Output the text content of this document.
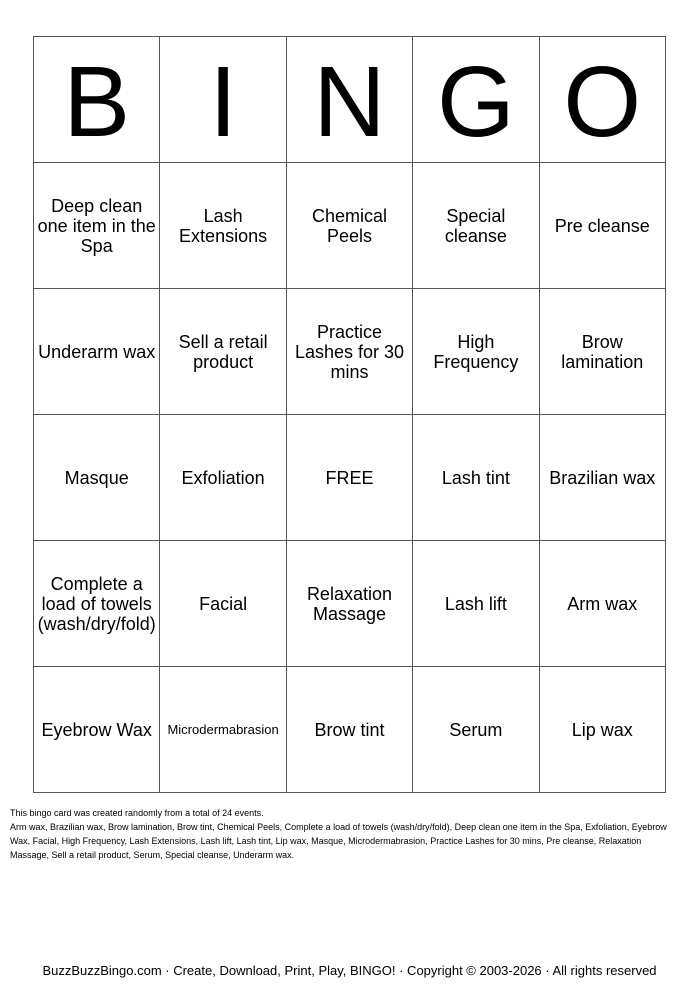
B	I	N	G	O
Deep clean one item in the Spa	Lash Extensions	Chemical Peels	Special cleanse	Pre cleanse
Underarm wax	Sell a retail product	Practice Lashes for 30 mins	High Frequency	Brow lamination
Masque	Exfoliation	FREE	Lash tint	Brazilian wax
Complete a load of towels (wash/dry/fold)	Facial	Relaxation Massage	Lash lift	Arm wax
Eyebrow Wax	Microdermabrasion	Brow tint	Serum	Lip wax
This bingo card was created randomly from a total of 24 events.
Arm wax, Brazilian wax, Brow lamination, Brow tint, Chemical Peels, Complete a load of towels (wash/dry/fold), Deep clean one item in the Spa, Exfoliation, Eyebrow Wax, Facial, High Frequency, Lash Extensions, Lash lift, Lash tint, Lip wax, Masque, Microdermabrasion, Practice Lashes for 30 mins, Pre cleanse, Relaxation Massage, Sell a retail product, Serum, Special cleanse, Underarm wax.
BuzzBuzzBingo.com · Create, Download, Print, Play, BINGO! · Copyright © 2003-2026 · All rights reserved
